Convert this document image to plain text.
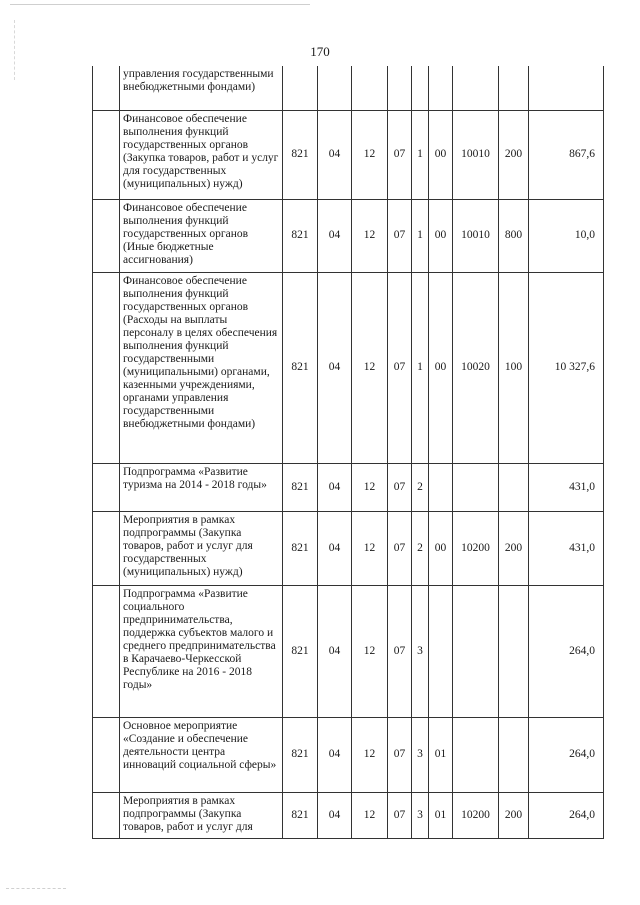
170
	управления государственными внебюджетными фондами)									
	Финансовое обеспечение выполнения функций государственных органов (Закупка товаров, работ и услуг для государственных (муниципальных) нужд)	821	04	12	07	1	00	10010	200	867,6
	Финансовое обеспечение выполнения функций государственных органов (Иные бюджетные ассигнования)	821	04	12	07	1	00	10010	800	10,0
	Финансовое обеспечение выполнения функций государственных органов (Расходы на выплаты персоналу в целях обеспечения выполнения функций государственными (муниципальными) органами, казенными учреждениями, органами управления государственными внебюджетными фондами)	821	04	12	07	1	00	10020	100	10 327,6
	Подпрограмма «Развитие туризма на 2014 - 2018 годы»	821	04	12	07	2				431,0
	Мероприятия в рамках подпрограммы (Закупка товаров, работ и услуг для государственных (муниципальных) нужд)	821	04	12	07	2	00	10200	200	431,0
	Подпрограмма «Развитие социального предпринимательства, поддержка субъектов малого и среднего предпринимательства в Карачаево-Черкесской Республике на 2016 - 2018 годы»	821	04	12	07	3				264,0
	Основное мероприятие «Создание и обеспечение деятельности центра инноваций социальной сферы»	821	04	12	07	3	01			264,0
	Мероприятия в рамках подпрограммы (Закупка товаров, работ и услуг для	821	04	12	07	3	01	10200	200	264,0
